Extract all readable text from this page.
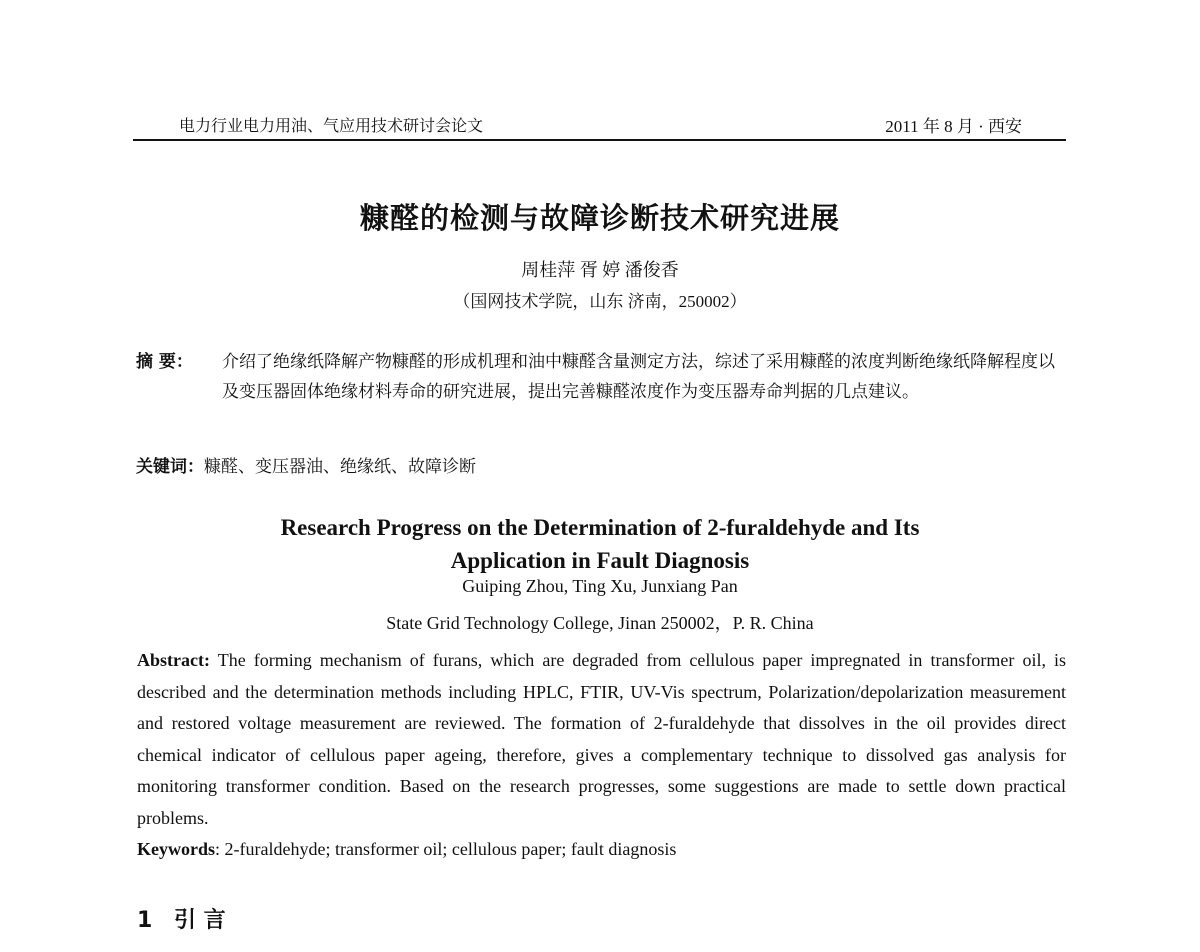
电力行业电力用油、气应用技术研讨会论文	2011 年 8 月 · 西安
糠醛的检测与故障诊断技术研究进展
周桂萍 胥 婷 潘俊香
（国网技术学院，山东 济南，250002）
摘 要：	介绍了绝缘纸降解产物糠醛的形成机理和油中糠醛含量测定方法，综述了采用糠醛的浓度判断绝缘纸降解程度以及变压器固体绝缘材料寿命的研究进展，提出完善糠醛浓度作为变压器寿命判据的几点建议。
关键词：糠醛、变压器油、绝缘纸、故障诊断
Research Progress on the Determination of 2-furaldehyde and Its
Application in Fault Diagnosis
Guiping Zhou, Ting Xu, Junxiang Pan
State Grid Technology College, Jinan 250002，P. R. China
Abstract: The forming mechanism of furans, which are degraded from cellulous paper impregnated in transformer oil, is described and the determination methods including HPLC, FTIR, UV-Vis spectrum, Polarization/depolarization measurement and restored voltage measurement are reviewed. The formation of 2-furaldehyde that dissolves in the oil provides direct chemical indicator of cellulous paper ageing, therefore, gives a complementary technique to dissolved gas analysis for monitoring transformer condition. Based on the research progresses, some suggestions are made to settle down practical problems.
Keywords: 2-furaldehyde; transformer oil; cellulous paper; fault diagnosis
1 引 言
